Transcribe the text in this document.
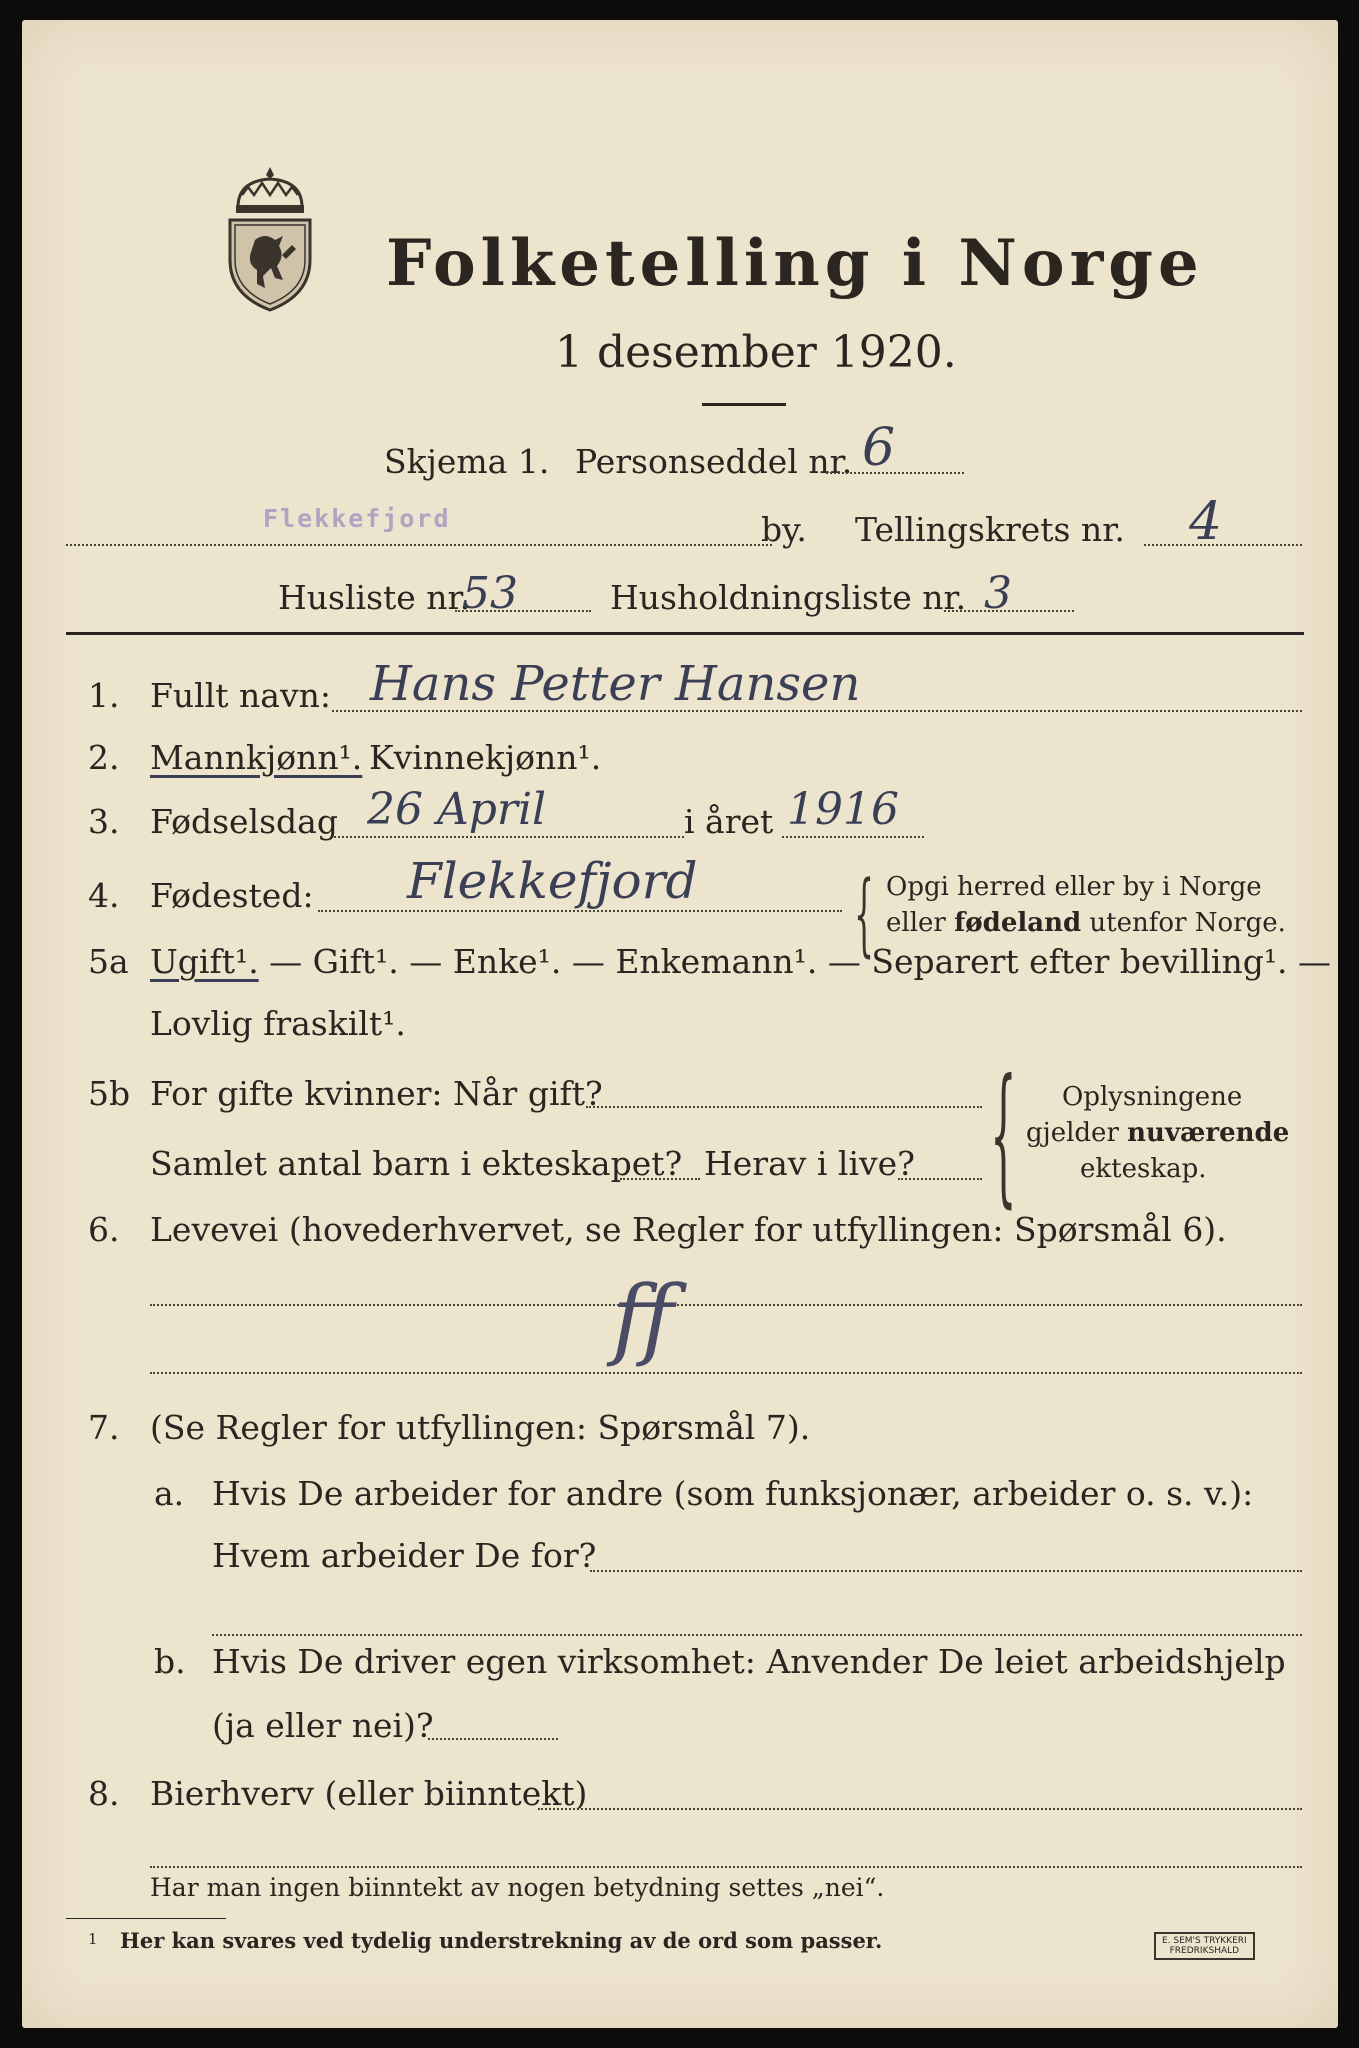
Folketelling i Norge
1 desember 1920.
Skjema 1. Personseddel nr. 6
Flekkefjord	by. Tellingskrets nr. 4
Husliste nr.
53	Husholdningsliste nr. 3
1. Fullt navn: Hans Petter Hansen
2. Mannkjønn¹. Kvinnekjønn¹.
3. Fødselsdag 26 April	i året 1916
4. Fødested: Flekkefjord { Opgi herred eller by i Norge
eller fødeland utenfor Norge.
5a Ugift¹. — Gift¹. — Enke¹. — Enkemann¹. — Separert efter bevilling¹. —
Lovlig fraskilt¹.
5b For gifte kvinner: Når gift?
Samlet antal barn i ekteskapet? Herav i live? { Oplysningene
gjelder nuværende
ekteskap.
6. Levevei (hovederhvervet, se Regler for utfyllingen: Spørsmål 6).
ff
7. (Se Regler for utfyllingen: Spørsmål 7).
a. Hvis De arbeider for andre (som funksjonær, arbeider o. s. v.):
Hvem arbeider De for?
b. Hvis De driver egen virksomhet: Anvender De leiet arbeidshjelp
(ja eller nei)?
8. Bierhverv (eller biinntekt)
Har man ingen biinntekt av nogen betydning settes „nei“.
1 Her kan svares ved tydelig understrekning av de ord som passer.	E. SEM'S TRYKKERI
FREDRIKSHALD
